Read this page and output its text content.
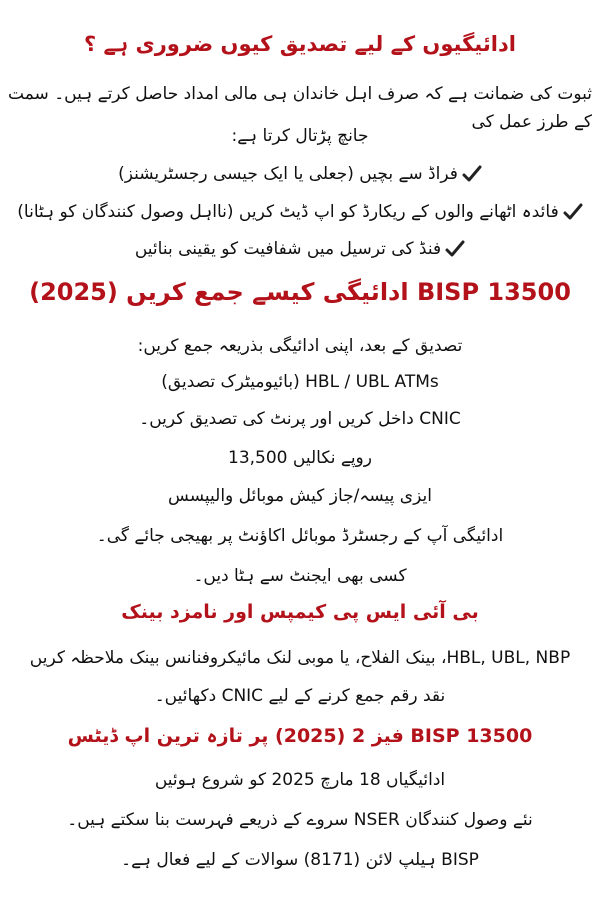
ادائیگیوں کے لیے تصدیق کیوں ضروری ہے ؟
ثبوت کی ضمانت ہے کہ صرف اہل خاندان ہی مالی امداد حاصل کرتے ہیں۔ سمت کے طرز عمل کی
جانچ پڑتال کرتا ہے:
فراڈ سے بچیں (جعلی یا ایک جیسی رجسٹریشنز)
فائدہ اٹھانے والوں کے ریکارڈ کو اپ ڈیٹ کریں (نااہل وصول کنندگان کو ہٹانا)
فنڈ کی ترسیل میں شفافیت کو یقینی بنائیں
BISP 13500 ادائیگی کیسے جمع کریں (2025)
تصدیق کے بعد، اپنی ادائیگی بذریعہ جمع کریں:
HBL / UBL ATMs (بائیومیٹرک تصدیق)
CNIC داخل کریں اور پرنٹ کی تصدیق کریں۔
روپے نکالیں 13,500
ایزی پیسہ/جاز کیش موبائل والیپسس
ادائیگی آپ کے رجسٹرڈ موبائل اکاؤنٹ پر بھیجی جائے گی۔
کسی بھی ایجنٹ سے ہٹا دیں۔
بی آئی ایس پی کیمپس اور نامزد بینک
HBL, UBL, NBP، بینک الفلاح، یا موبی لنک مائیکروفنانس بینک ملاحظہ کریں
نقد رقم جمع کرنے کے لیے CNIC دکھائیں۔
BISP 13500 فیز 2 (2025) پر تازہ ترین اپ ڈیٹس
ادائیگیاں 18 مارچ 2025 کو شروع ہوئیں
نئے وصول کنندگان NSER سروے کے ذریعے فہرست بنا سکتے ہیں۔
BISP ہیلپ لائن (8171) سوالات کے لیے فعال ہے۔
